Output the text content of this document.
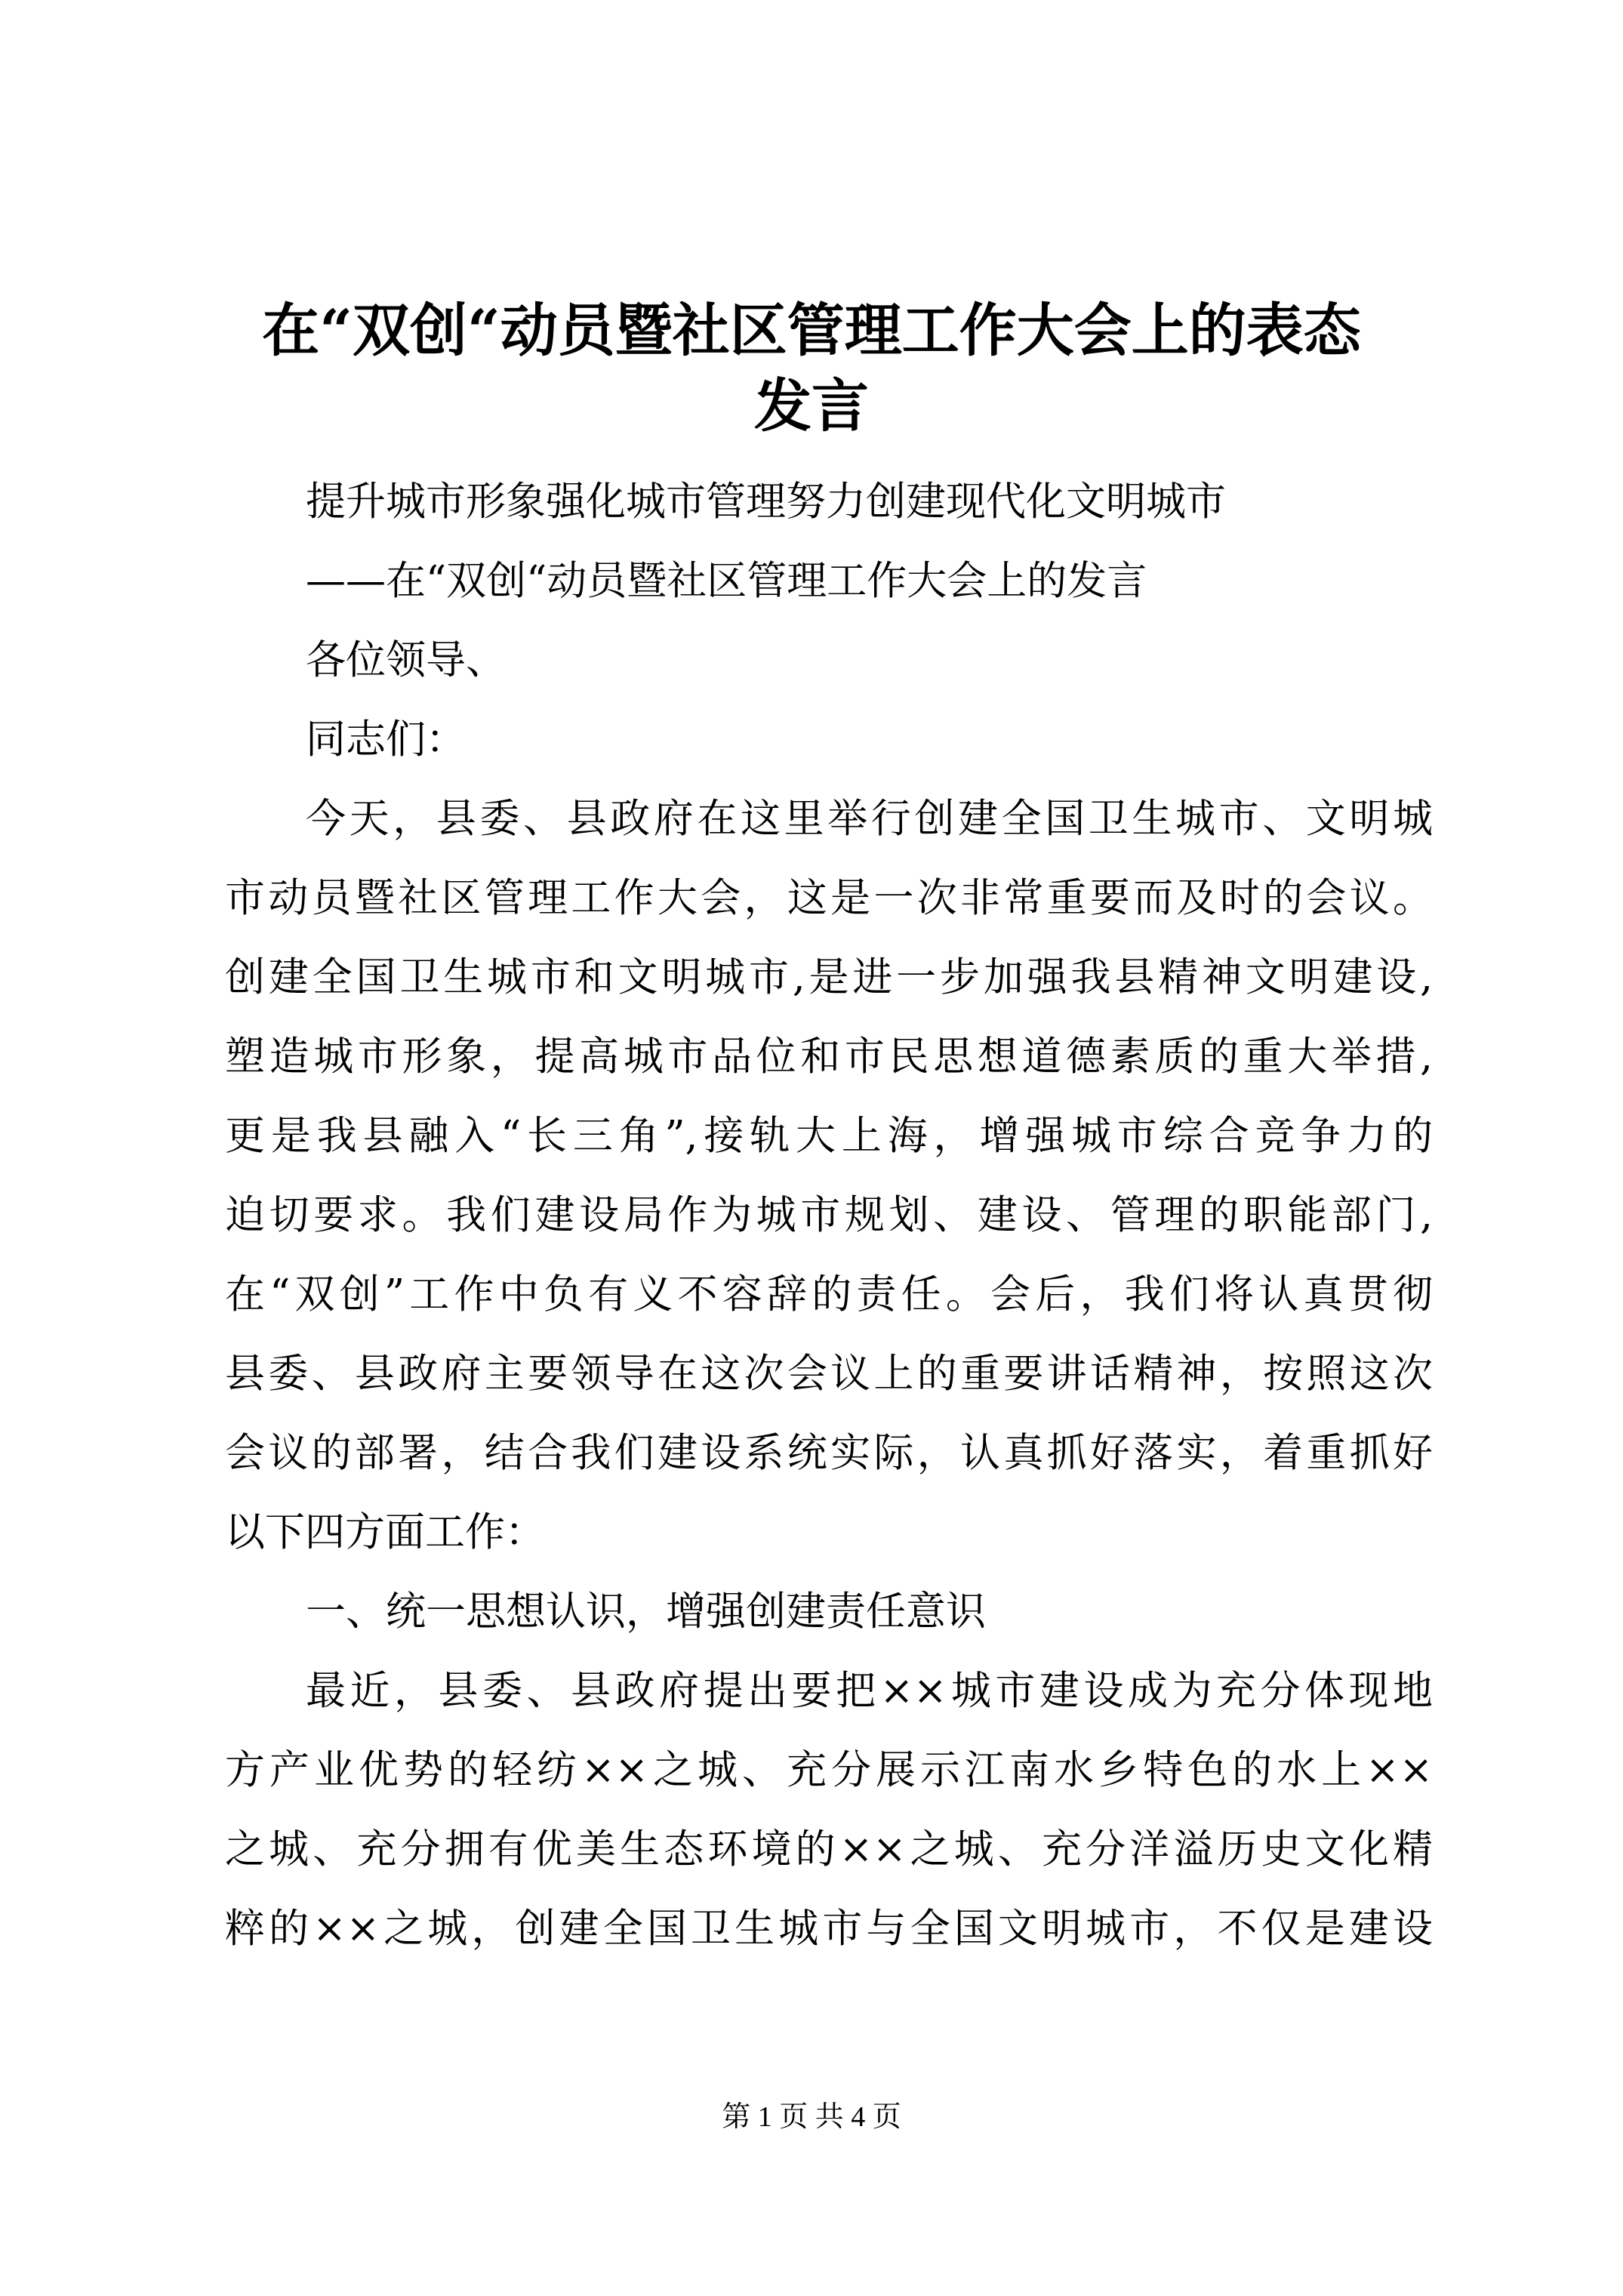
在“双创“动员暨社区管理工作大会上的表态
发言
提升城市形象强化城市管理努力创建现代化文明城市
——在“双创“动员暨社区管理工作大会上的发言
各位领导、
同志们：
今天，县委、县政府在这里举行创建全国卫生城市、文明城
市动员暨社区管理工作大会，这是一次非常重要而及时的会议。
创建全国卫生城市和文明城市,是进一步加强我县精神文明建设,
塑造城市形象，提高城市品位和市民思想道德素质的重大举措,
更是我县融入“长三角”,接轨大上海，增强城市综合竞争力的
迫切要求。我们建设局作为城市规划、建设、管理的职能部门,
在“双创”工作中负有义不容辞的责任。会后，我们将认真贯彻
县委、县政府主要领导在这次会议上的重要讲话精神，按照这次
会议的部署，结合我们建设系统实际，认真抓好落实，着重抓好
以下四方面工作：
一、统一思想认识，增强创建责任意识
最近，县委、县政府提出要把××城市建设成为充分体现地
方产业优势的轻纺××之城、充分展示江南水乡特色的水上××
之城、充分拥有优美生态环境的××之城、充分洋溢历史文化精
粹的××之城，创建全国卫生城市与全国文明城市，不仅是建设
第 1 页 共 4 页
